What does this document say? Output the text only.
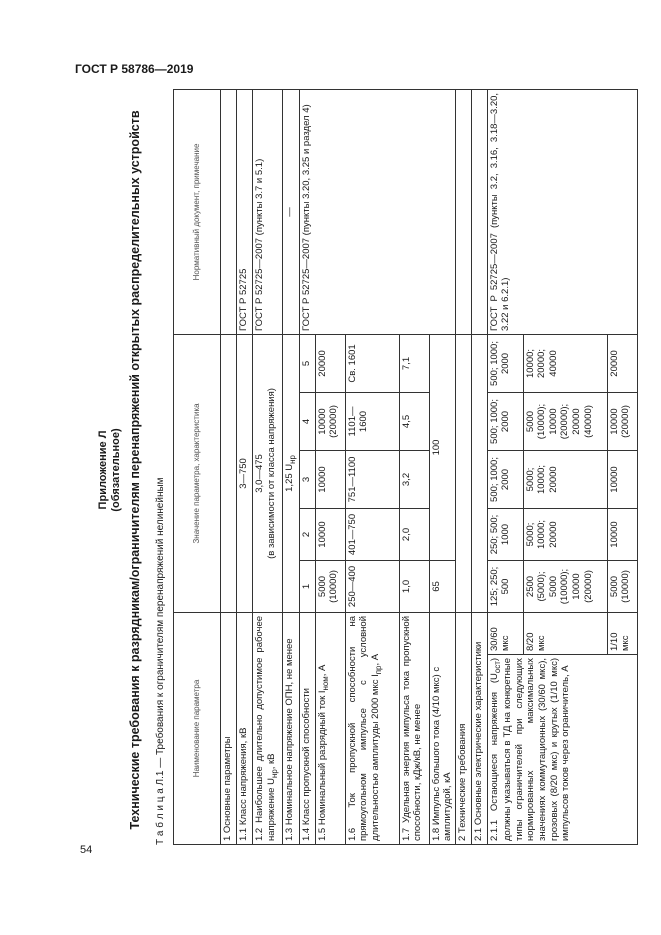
ГОСТ Р 58786—2019
54
Приложение Л (обязательное) Технические требования к разрядникам/ограничителям перенапряжений открытых распределительных устройств Т а б л и ц а Л.1 — Требования к ограничителям перенапряжений нелинейным	Наименование параметра		Значение параметра, характеристика					Нормативный документ, примечание
1 Основные параметры							
1.1 Класс напряжения, кВ		3—750					ГОСТ Р 52725
1.2 Наибольшее длительно допустимое рабочее напряжение $U_{нр}$, кВ		3,0—475 (в зависимости от класса напряжения)					ГОСТ Р 52725—2007 (пункты 3.7 и 5.1)
1.3 Номинальное напряжение ОПН, не менее		1,25 $U_{нр}$					—
1.4 Класс пропускной способности		1	2	3	4	5	ГОСТ Р 52725—2007 (пункты 3.20, 3.25 и раздел 4)
1.5 Номинальный разрядный ток $I_{ном}$, А		5000 (10000)	10000	10000	10000 (20000)	20000	
1.6 Ток пропускной способности на прямоугольном импульсе с условной длительностью амплитуды 2000 мкс $I_{пр}$, А		250—400	401—750	751—1100	1101—1600	Св. 1601	
1.7 Удельная энергия импульса тока пропускной способности, кДж/кВ, не менее		1,0	2,0	3,2	4,5	7,1	
1.8 Импульс большого тока (4/10 мкс) с амплитудой, кА		65	100				
2 Технические требования							
2.1 Основные электрические характеристики							
2.1.1 Остающиеся напряжения $(U_{ост})$ должны указываться в ТД на конкретные типы ограничителей при следующих нормированных максимальных значениях коммутационных (30/60 мкс), грозовых (8/20 мкс) и крутых (1/10 мкс) импульсов токов через ограничитель, А	30/60 мкс	125; 250; 500	250; 500; 1000	500; 1000; 2000	500; 1000; 2000	500; 1000; 2000	ГОСТ Р 52725—2007 (пункты 3.2, 3.16, 3.18—3.20, 3.22 и 6.2.1)
	8/20 мкс	2500 (5000); 5000 (10000); 10000 (20000)	5000; 10000; 20000	5000; 10000; 20000	5000 (10000); 10000 (20000); 20000 (40000)	10000; 20000; 40000	
	1/10 мкс	5000 (10000)	10000	10000	10000 (20000)	20000	
